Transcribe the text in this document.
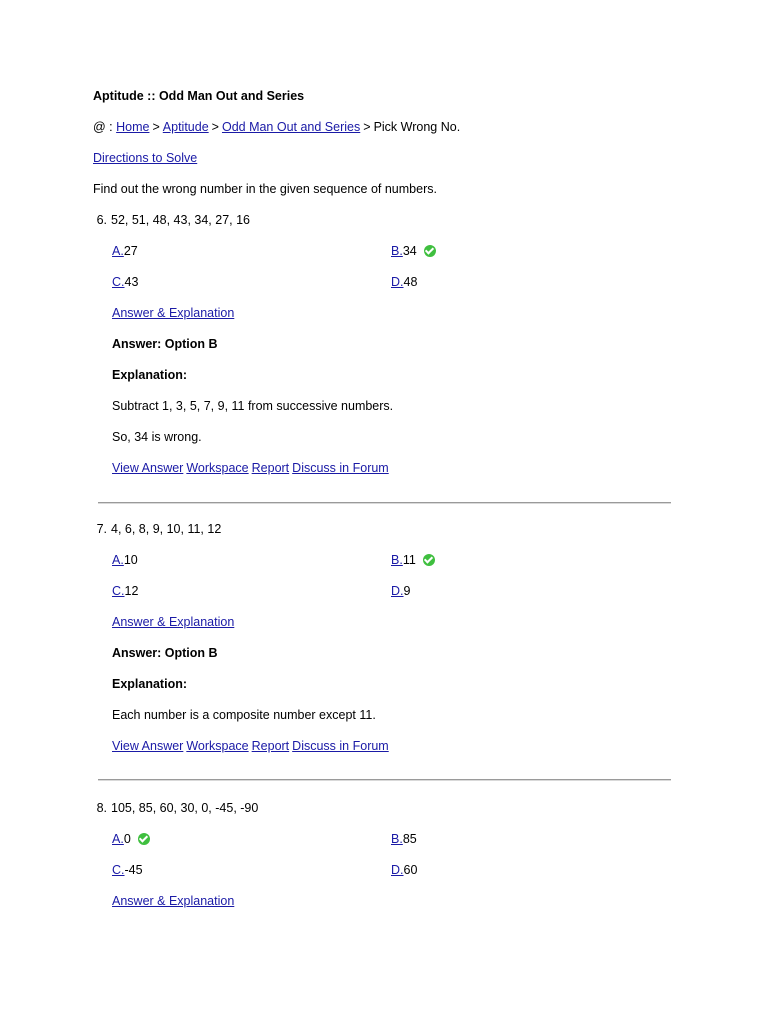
Aptitude :: Odd Man Out and Series
@ : Home > Aptitude > Odd Man Out and Series > Pick Wrong No.
Directions to Solve
Find out the wrong number in the given sequence of numbers.
6. 52, 51, 48, 43, 34, 27, 16
A.27	B.34
C.43	D.48
Answer & Explanation
Answer: Option B
Explanation:
Subtract 1, 3, 5, 7, 9, 11 from successive numbers.
So, 34 is wrong.
View Answer Workspace Report Discuss in Forum
7. 4, 6, 8, 9, 10, 11, 12
A.10	B.11
C.12	D.9
Answer & Explanation
Answer: Option B
Explanation:
Each number is a composite number except 11.
View Answer Workspace Report Discuss in Forum
8. 105, 85, 60, 30, 0, -45, -90
A.0	B.85
C.-45	D.60
Answer & Explanation
